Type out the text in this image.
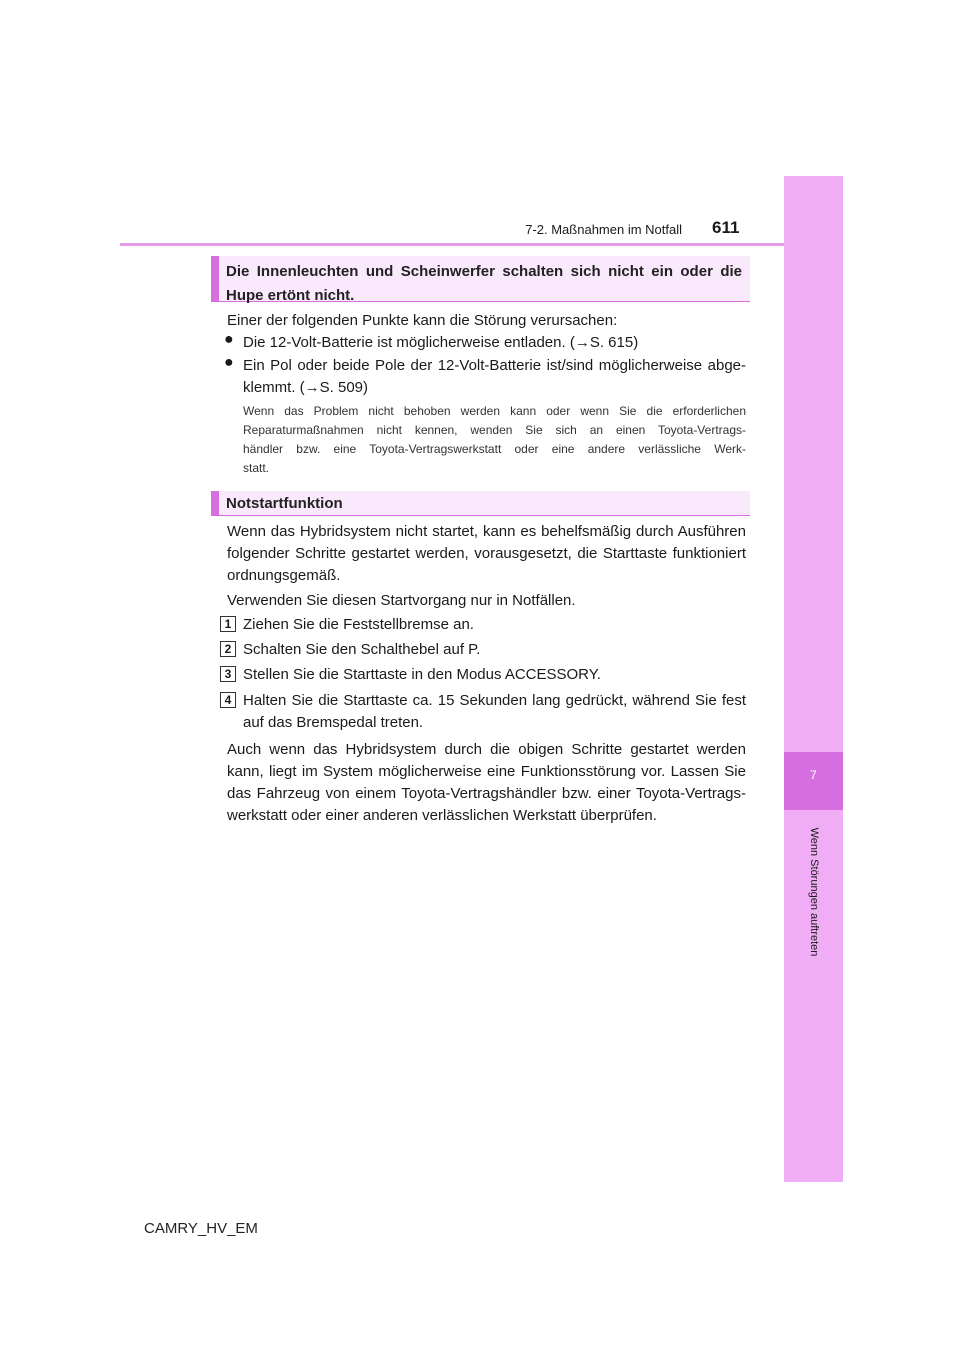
7-2. Maßnahmen im Notfall 611
7
Wenn Störungen auftreten
Die Innenleuchten und Scheinwerfer schalten sich nicht ein oder die Hupe ertönt nicht.
Einer der folgenden Punkte kann die Störung verursachen:
● Die 12-Volt-Batterie ist möglicherweise entladen. (→S. 615)
● Ein Pol oder beide Pole der 12-Volt-Batterie ist/sind möglicherweise abge-
klemmt. (→S. 509)
Wenn das Problem nicht behoben werden kann oder wenn Sie die erforderlichen
Reparaturmaßnahmen nicht kennen, wenden Sie sich an einen Toyota-Vertrags-
händler bzw. eine Toyota-Vertragswerkstatt oder eine andere verlässliche Werk-
statt.
Notstartfunktion
Wenn das Hybridsystem nicht startet, kann es behelfsmäßig durch Ausführen
folgender Schritte gestartet werden, vorausgesetzt, die Starttaste funktioniert
ordnungsgemäß.
Verwenden Sie diesen Startvorgang nur in Notfällen.
1 Ziehen Sie die Feststellbremse an.
2 Schalten Sie den Schalthebel auf P.
3 Stellen Sie die Starttaste in den Modus ACCESSORY.
4 Halten Sie die Starttaste ca. 15 Sekunden lang gedrückt, während Sie fest
auf das Bremspedal treten.
Auch wenn das Hybridsystem durch die obigen Schritte gestartet werden
kann, liegt im System möglicherweise eine Funktionsstörung vor. Lassen Sie
das Fahrzeug von einem Toyota-Vertragshändler bzw. einer Toyota-Vertrags-
werkstatt oder einer anderen verlässlichen Werkstatt überprüfen.
CAMRY_HV_EM
